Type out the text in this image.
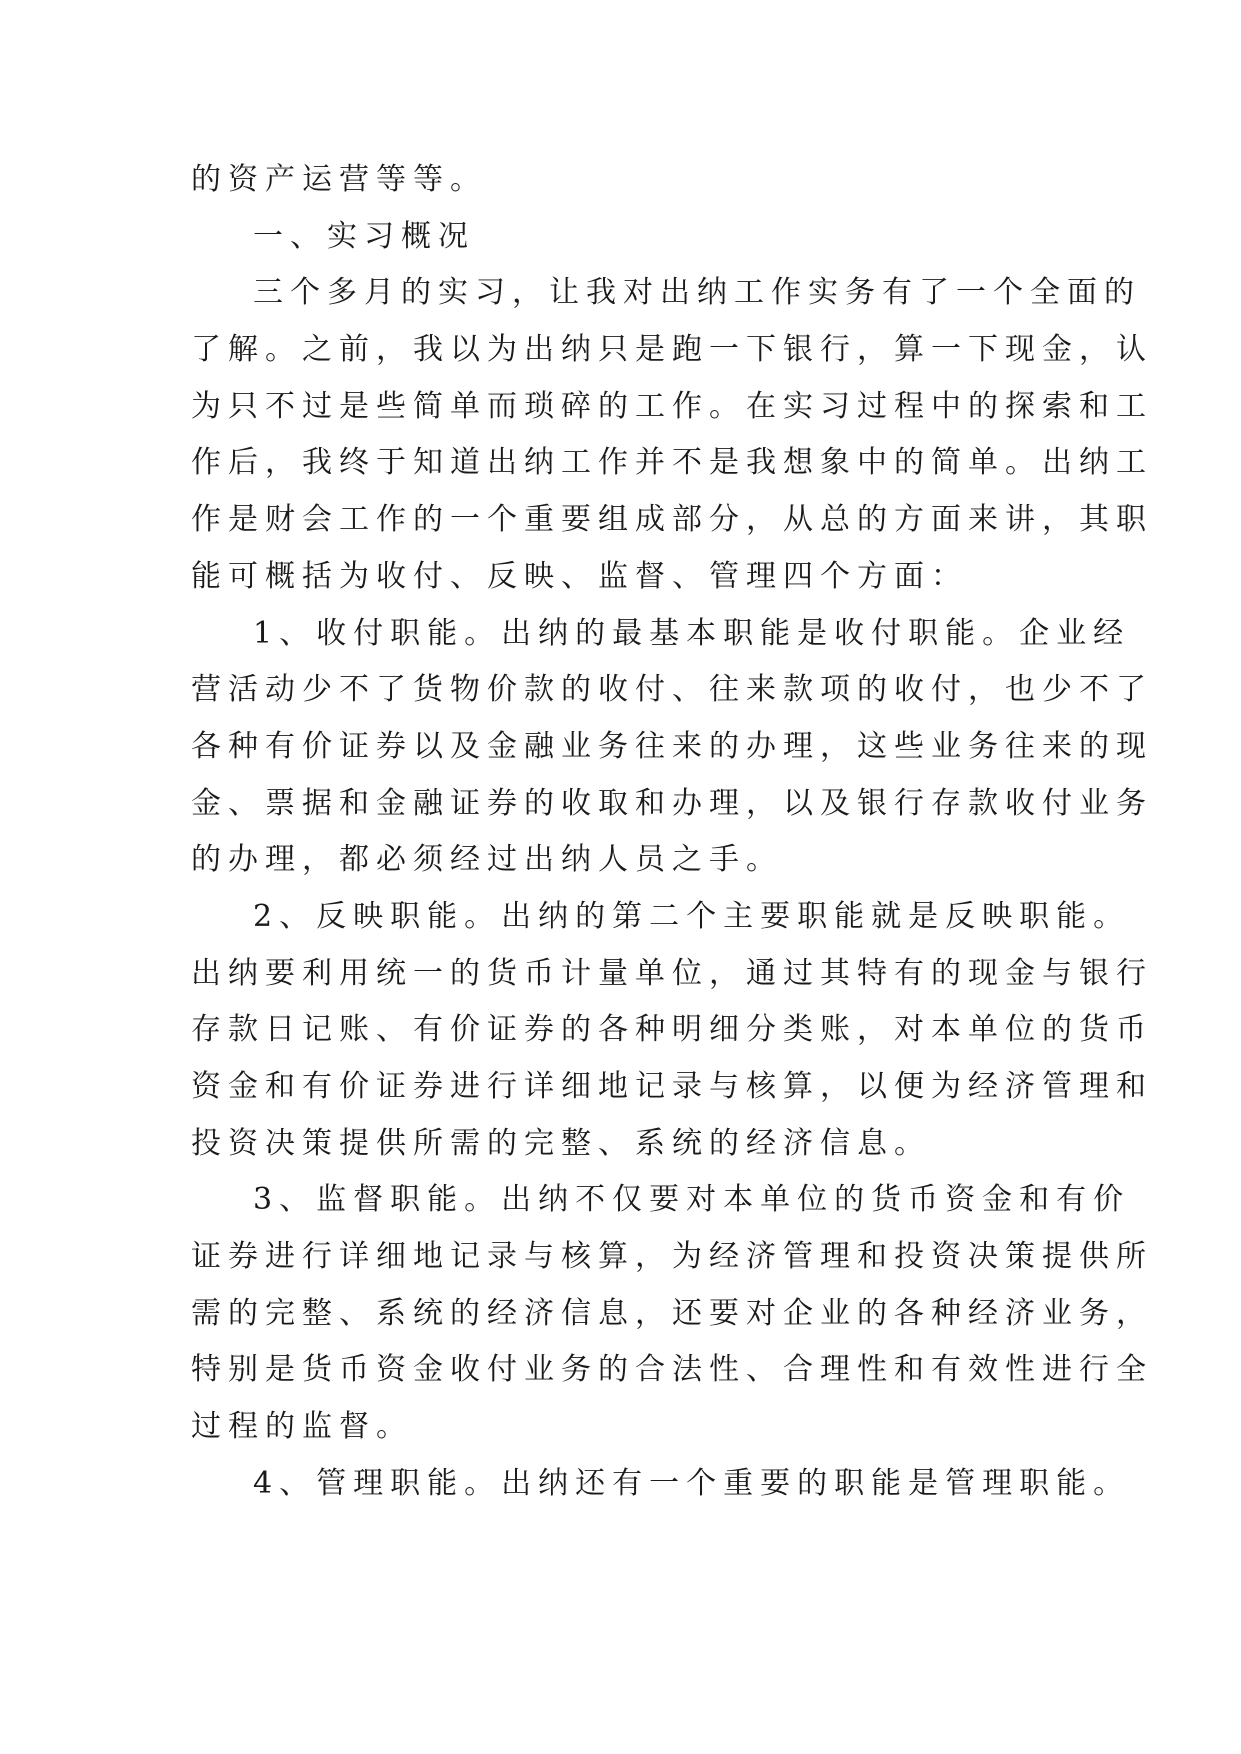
的资产运营等等。
一、实习概况
三个多月的实习，让我对出纳工作实务有了一个全面的
了解。之前，我以为出纳只是跑一下银行，算一下现金，认
为只不过是些简单而琐碎的工作。在实习过程中的探索和工
作后，我终于知道出纳工作并不是我想象中的简单。出纳工
作是财会工作的一个重要组成部分，从总的方面来讲，其职
能可概括为收付、反映、监督、管理四个方面：
1、收付职能。出纳的最基本职能是收付职能。企业经
营活动少不了货物价款的收付、往来款项的收付，也少不了
各种有价证券以及金融业务往来的办理，这些业务往来的现
金、票据和金融证券的收取和办理，以及银行存款收付业务
的办理，都必须经过出纳人员之手。
2、反映职能。出纳的第二个主要职能就是反映职能。
出纳要利用统一的货币计量单位，通过其特有的现金与银行
存款日记账、有价证券的各种明细分类账，对本单位的货币
资金和有价证券进行详细地记录与核算，以便为经济管理和
投资决策提供所需的完整、系统的经济信息。
3、监督职能。出纳不仅要对本单位的货币资金和有价
证券进行详细地记录与核算，为经济管理和投资决策提供所
需的完整、系统的经济信息，还要对企业的各种经济业务，
特别是货币资金收付业务的合法性、合理性和有效性进行全
过程的监督。
4、管理职能。出纳还有一个重要的职能是管理职能。
